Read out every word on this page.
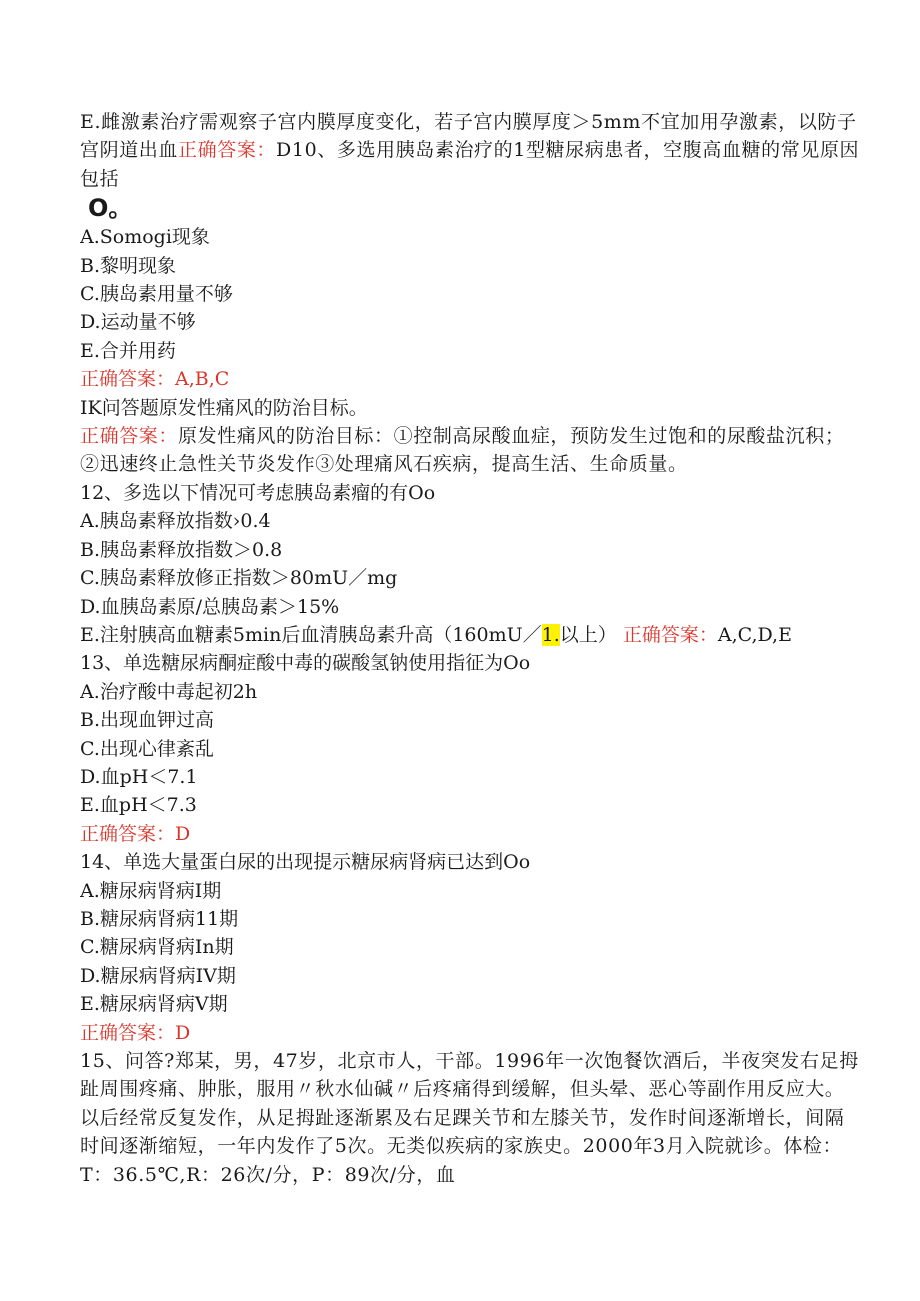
E.雌激素治疗需观察子宫内膜厚度变化，若子宫内膜厚度＞5mm不宜加用孕激素，以防子宫阴道出血正确答案：D10、多选用胰岛素治疗的1型糖尿病患者，空腹高血糖的常见原因包括
O。
A.Somogi现象
B.黎明现象
C.胰岛素用量不够
D.运动量不够
E.合并用药
正确答案：A,B,C
IK问答题原发性痛风的防治目标。
正确答案：原发性痛风的防治目标：①控制高尿酸血症，预防发生过饱和的尿酸盐沉积；②迅速终止急性关节炎发作③处理痛风石疾病，提高生活、生命质量。
12、多选以下情况可考虑胰岛素瘤的有Oo
A.胰岛素释放指数›0.4
B.胰岛素释放指数＞0.8
C.胰岛素释放修正指数＞80mU／mg
D.血胰岛素原/总胰岛素＞15%
E.注射胰高血糖素5min后血清胰岛素升高（160mU／1.以上） 正确答案：A,C,D,E
13、单选糖尿病酮症酸中毒的碳酸氢钠使用指征为Oo
A.治疗酸中毒起初2h
B.出现血钾过高
C.出现心律紊乱
D.血pH＜7.1
E.血pH＜7.3
正确答案：D
14、单选大量蛋白尿的出现提示糖尿病肾病已达到Oo
A.糖尿病肾病I期
B.糖尿病肾病11期
C.糖尿病肾病In期
D.糖尿病肾病IV期
E.糖尿病肾病V期
正确答案：D
15、问答?郑某，男，47岁，北京市人，干部。1996年一次饱餐饮酒后，半夜突发右足拇趾周围疼痛、肿胀，服用〃秋水仙碱〃后疼痛得到缓解，但头晕、恶心等副作用反应大。以后经常反复发作，从足拇趾逐渐累及右足踝关节和左膝关节，发作时间逐渐增长，间隔时间逐渐缩短，一年内发作了5次。无类似疾病的家族史。2000年3月入院就诊。体检：T：36.5℃,R：26次/分，P：89次/分，血
